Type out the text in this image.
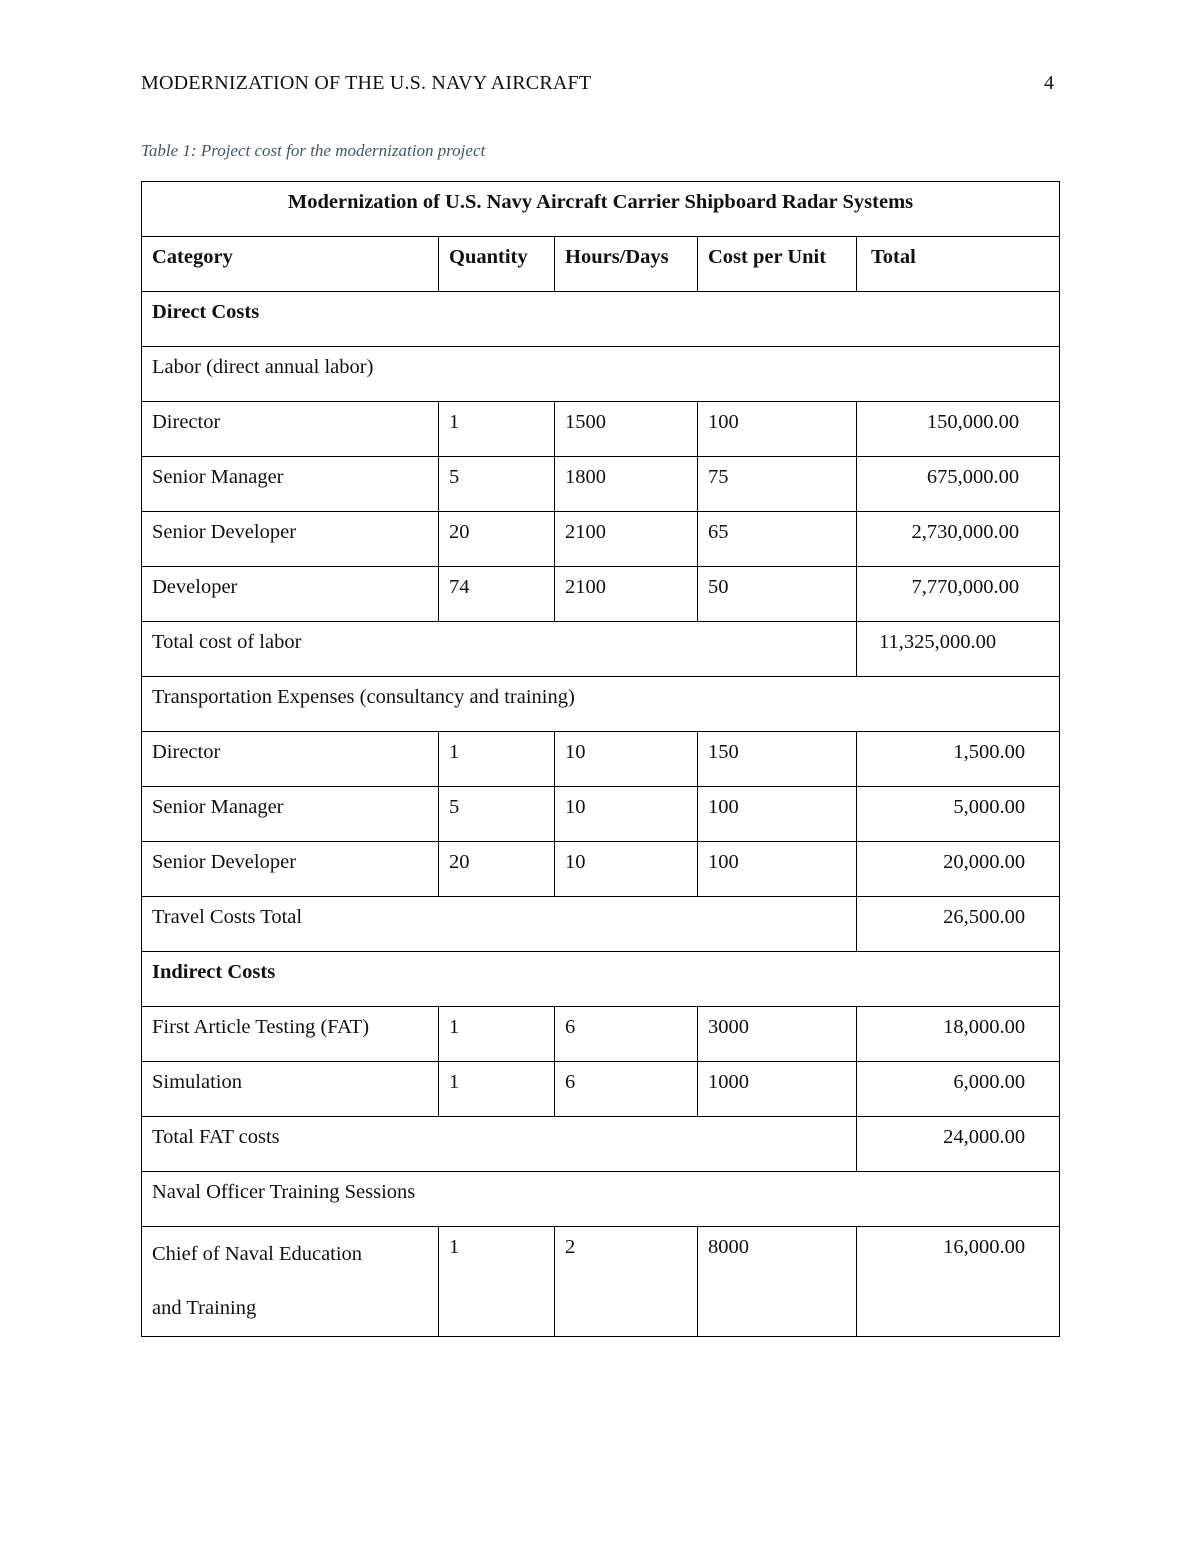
MODERNIZATION OF THE U.S. NAVY AIRCRAFT	4
Table 1: Project cost for the modernization project
Modernization of U.S. Navy Aircraft Carrier Shipboard Radar Systems				
Category	Quantity	Hours/Days	Cost per Unit	Total
Direct Costs				
Labor (direct annual labor)				
Director	1	1500	100	150,000.00
Senior Manager	5	1800	75	675,000.00
Senior Developer	20	2100	65	2,730,000.00
Developer	74	2100	50	7,770,000.00
Total cost of labor				11,325,000.00
Transportation Expenses (consultancy and training)				
Director	1	10	150	1,500.00
Senior Manager	5	10	100	5,000.00
Senior Developer	20	10	100	20,000.00
Travel Costs Total				26,500.00
Indirect Costs				
First Article Testing (FAT)	1	6	3000	18,000.00
Simulation	1	6	1000	6,000.00
Total FAT costs				24,000.00
Naval Officer Training Sessions				
Chief of Naval Education
and Training	1	2	8000	16,000.00
